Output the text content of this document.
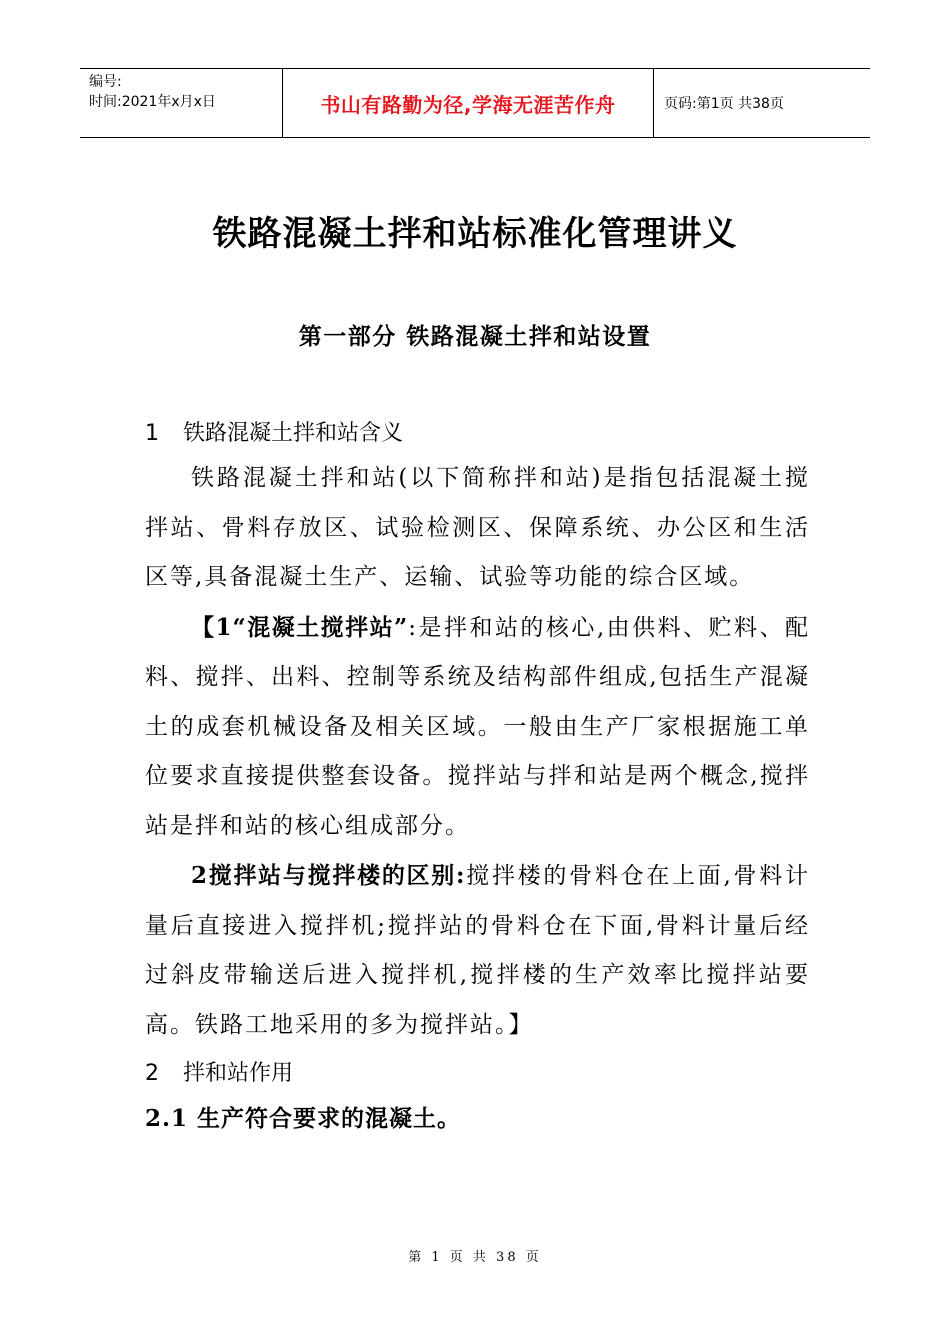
编号:
时间:2021年x月x日	书山有路勤为径,学海无涯苦作舟	页码:第1页 共38页
铁路混凝土拌和站标准化管理讲义
第一部分 铁路混凝土拌和站设置

1 铁路混凝土拌和站含义

铁路混凝土拌和站(以下简称拌和站)是指包括混凝土搅拌站、骨料存放区、试验检测区、保障系统、办公区和生活区等,具备混凝土生产、运输、试验等功能的综合区域。

【1“混凝土搅拌站”:是拌和站的核心,由供料、贮料、配料、搅拌、出料、控制等系统及结构部件组成,包括生产混凝土的成套机械设备及相关区域。一般由生产厂家根据施工单位要求直接提供整套设备。搅拌站与拌和站是两个概念,搅拌站是拌和站的核心组成部分。

2搅拌站与搅拌楼的区别:搅拌楼的骨料仓在上面,骨料计量后直接进入搅拌机;搅拌站的骨料仓在下面,骨料计量后经过斜皮带输送后进入搅拌机,搅拌楼的生产效率比搅拌站要高。铁路工地采用的多为搅拌站。】

2 拌和站作用

2.1 生产符合要求的混凝土。

第 1 页 共 38 页
